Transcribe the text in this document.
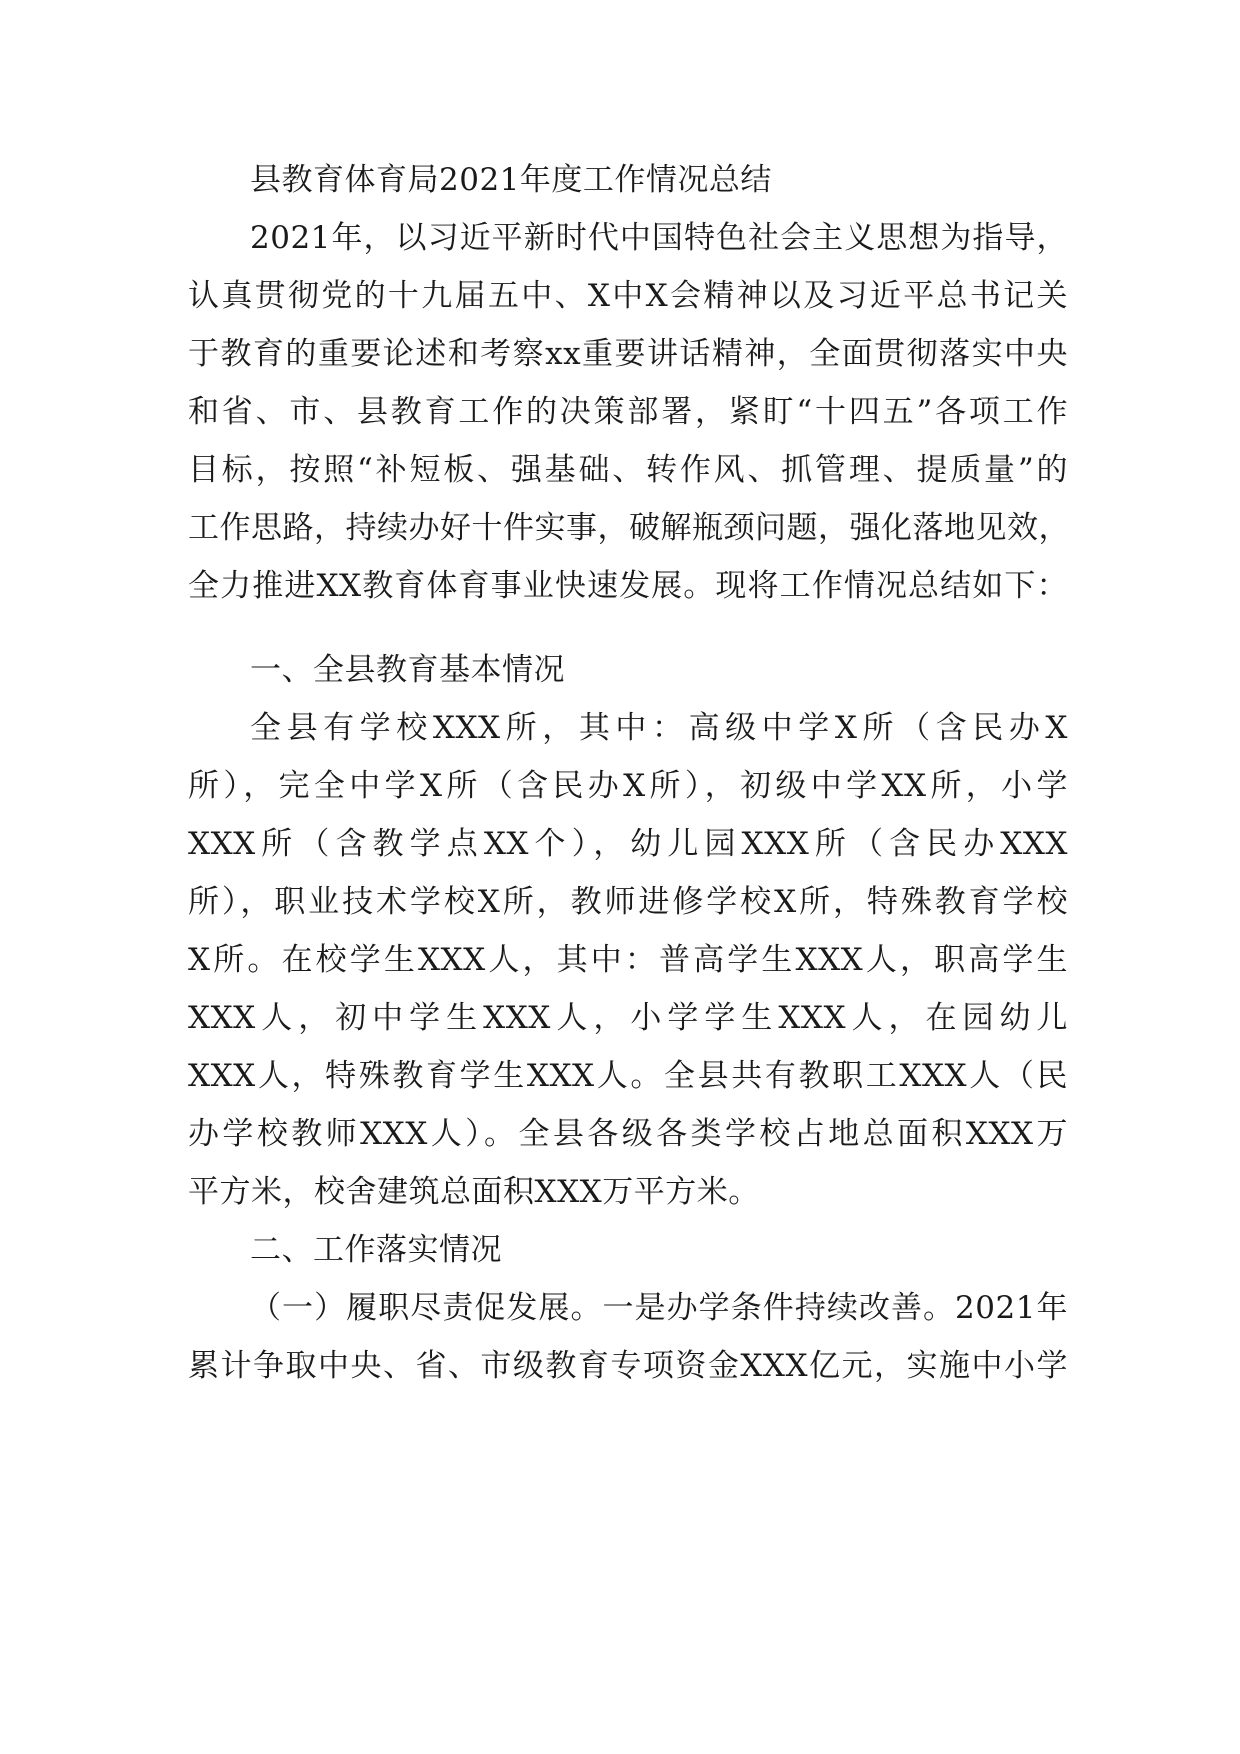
县教育体育局2021年度工作情况总结
2021年，以习近平新时代中国特色社会主义思想为指导，
认真贯彻党的十九届五中、X中X会精神以及习近平总书记关
于教育的重要论述和考察xx重要讲话精神，全面贯彻落实中央
和省、市、县教育工作的决策部署，紧盯“十四五”各项工作
目标，按照“补短板、强基础、转作风、抓管理、提质量”的
工作思路，持续办好十件实事，破解瓶颈问题，强化落地见效，
全力推进XX教育体育事业快速发展。现将工作情况总结如下：
一、全县教育基本情况
全县有学校XXX所，其中：高级中学X所（含民办X
所），完全中学X所（含民办X所），初级中学XX所，小学
XXX所（含教学点XX个），幼儿园XXX所（含民办XXX
所），职业技术学校X所，教师进修学校X所，特殊教育学校
X所。在校学生XXX人，其中：普高学生XXX人，职高学生
XXX人，初中学生XXX人，小学学生XXX人，在园幼儿
XXX人，特殊教育学生XXX人。全县共有教职工XXX人（民
办学校教师XXX人）。全县各级各类学校占地总面积XXX万
平方米，校舍建筑总面积XXX万平方米。
二、工作落实情况
（一）履职尽责促发展。一是办学条件持续改善。2021年
累计争取中央、省、市级教育专项资金XXX亿元，实施中小学
